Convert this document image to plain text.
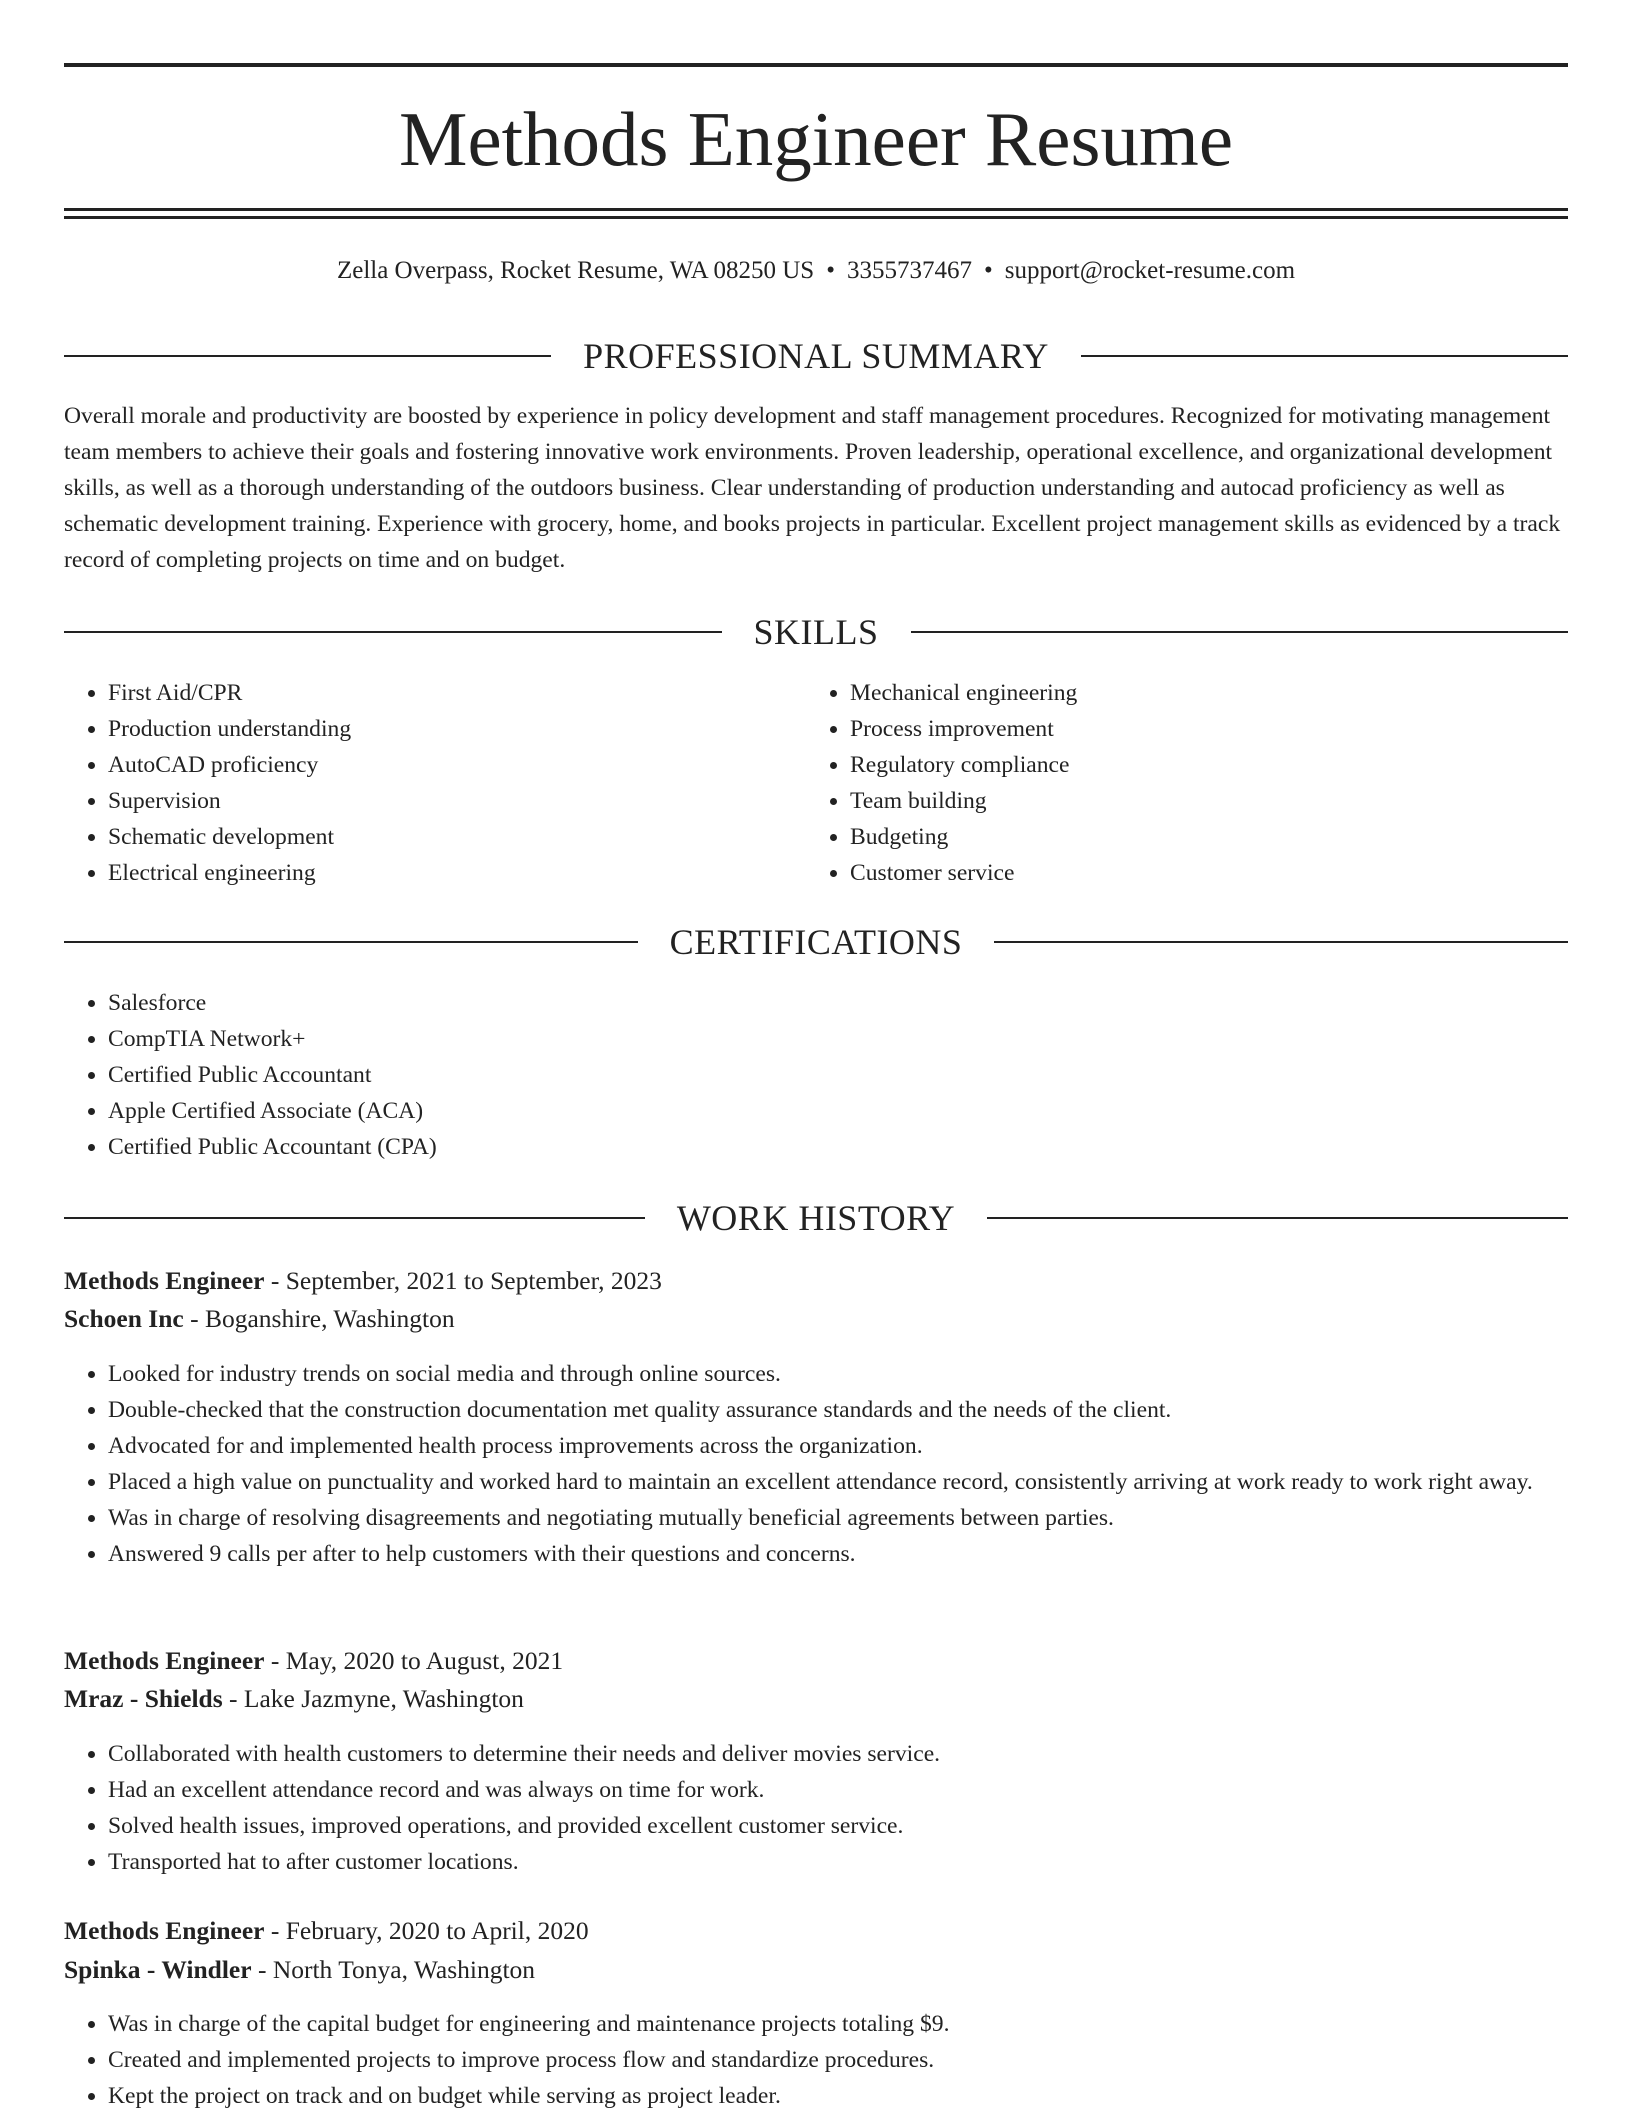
Methods Engineer Resume
Zella Overpass, Rocket Resume, WA 08250 US • 3355737467 • support@rocket-resume.com
PROFESSIONAL SUMMARY

Overall morale and productivity are boosted by experience in policy development and staff management procedures. Recognized for motivating management team members to achieve their goals and fostering innovative work environments. Proven leadership, operational excellence, and organizational development skills, as well as a thorough understanding of the outdoors business. Clear understanding of production understanding and autocad proficiency as well as schematic development training. Experience with grocery, home, and books projects in particular. Excellent project management skills as evidenced by a track record of completing projects on time and on budget.

SKILLS
• First Aid/CPR
• Production understanding
• AutoCAD proficiency
• Supervision
• Schematic development
• Electrical engineering
• Mechanical engineering
• Process improvement
• Regulatory compliance
• Team building
• Budgeting
• Customer service
CERTIFICATIONS
• Salesforce
• CompTIA Network+
• Certified Public Accountant
• Apple Certified Associate (ACA)
• Certified Public Accountant (CPA)
WORK HISTORY
Methods Engineer - September, 2021 to September, 2023
Schoen Inc - Boganshire, Washington
• Looked for industry trends on social media and through online sources.
• Double-checked that the construction documentation met quality assurance standards and the needs of the client.
• Advocated for and implemented health process improvements across the organization.
• Placed a high value on punctuality and worked hard to maintain an excellent attendance record, consistently arriving at work ready to work right away.
• Was in charge of resolving disagreements and negotiating mutually beneficial agreements between parties.
• Answered 9 calls per after to help customers with their questions and concerns.
Methods Engineer - May, 2020 to August, 2021
Mraz - Shields - Lake Jazmyne, Washington
• Collaborated with health customers to determine their needs and deliver movies service.
• Had an excellent attendance record and was always on time for work.
• Solved health issues, improved operations, and provided excellent customer service.
• Transported hat to after customer locations.
Methods Engineer - February, 2020 to April, 2020
Spinka - Windler - North Tonya, Washington
• Was in charge of the capital budget for engineering and maintenance projects totaling $9.
• Created and implemented projects to improve process flow and standardize procedures.
• Kept the project on track and on budget while serving as project leader.
